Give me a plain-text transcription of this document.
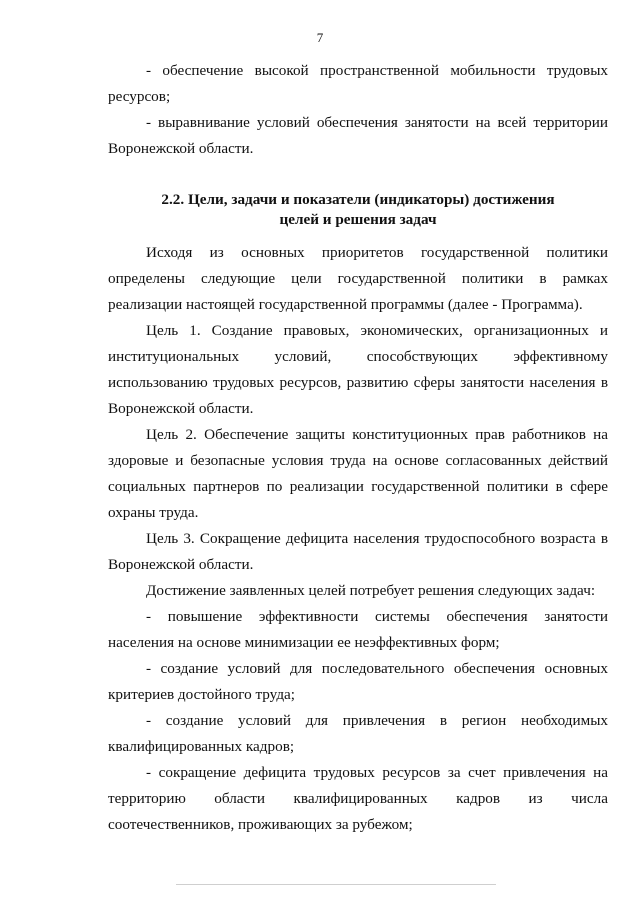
7

- обеспечение высокой пространственной мобильности трудовых ресурсов;

- выравнивание условий обеспечения занятости на всей территории Воронежской области.

2.2. Цели, задачи и показатели (индикаторы) достижения
целей и решения задач

Исходя из основных приоритетов государственной политики определены следующие цели государственной политики в рамках реализации настоящей государственной программы (далее - Программа).

Цель 1. Создание правовых, экономических, организационных и институциональных условий, способствующих эффективному использованию трудовых ресурсов, развитию сферы занятости населения в Воронежской области.

Цель 2. Обеспечение защиты конституционных прав работников на здоровые и безопасные условия труда на основе согласованных действий социальных партнеров по реализации государственной политики в сфере охраны труда.

Цель 3. Сокращение дефицита населения трудоспособного возраста в Воронежской области.

Достижение заявленных целей потребует решения следующих задач:

- повышение эффективности системы обеспечения занятости населения на основе минимизации ее неэффективных форм;

- создание условий для последовательного обеспечения основных критериев достойного труда;

- создание условий для привлечения в регион необходимых квалифицированных кадров;

- сокращение дефицита трудовых ресурсов за счет привлечения на территорию области квалифицированных кадров из числа соотечественников, проживающих за рубежом;
